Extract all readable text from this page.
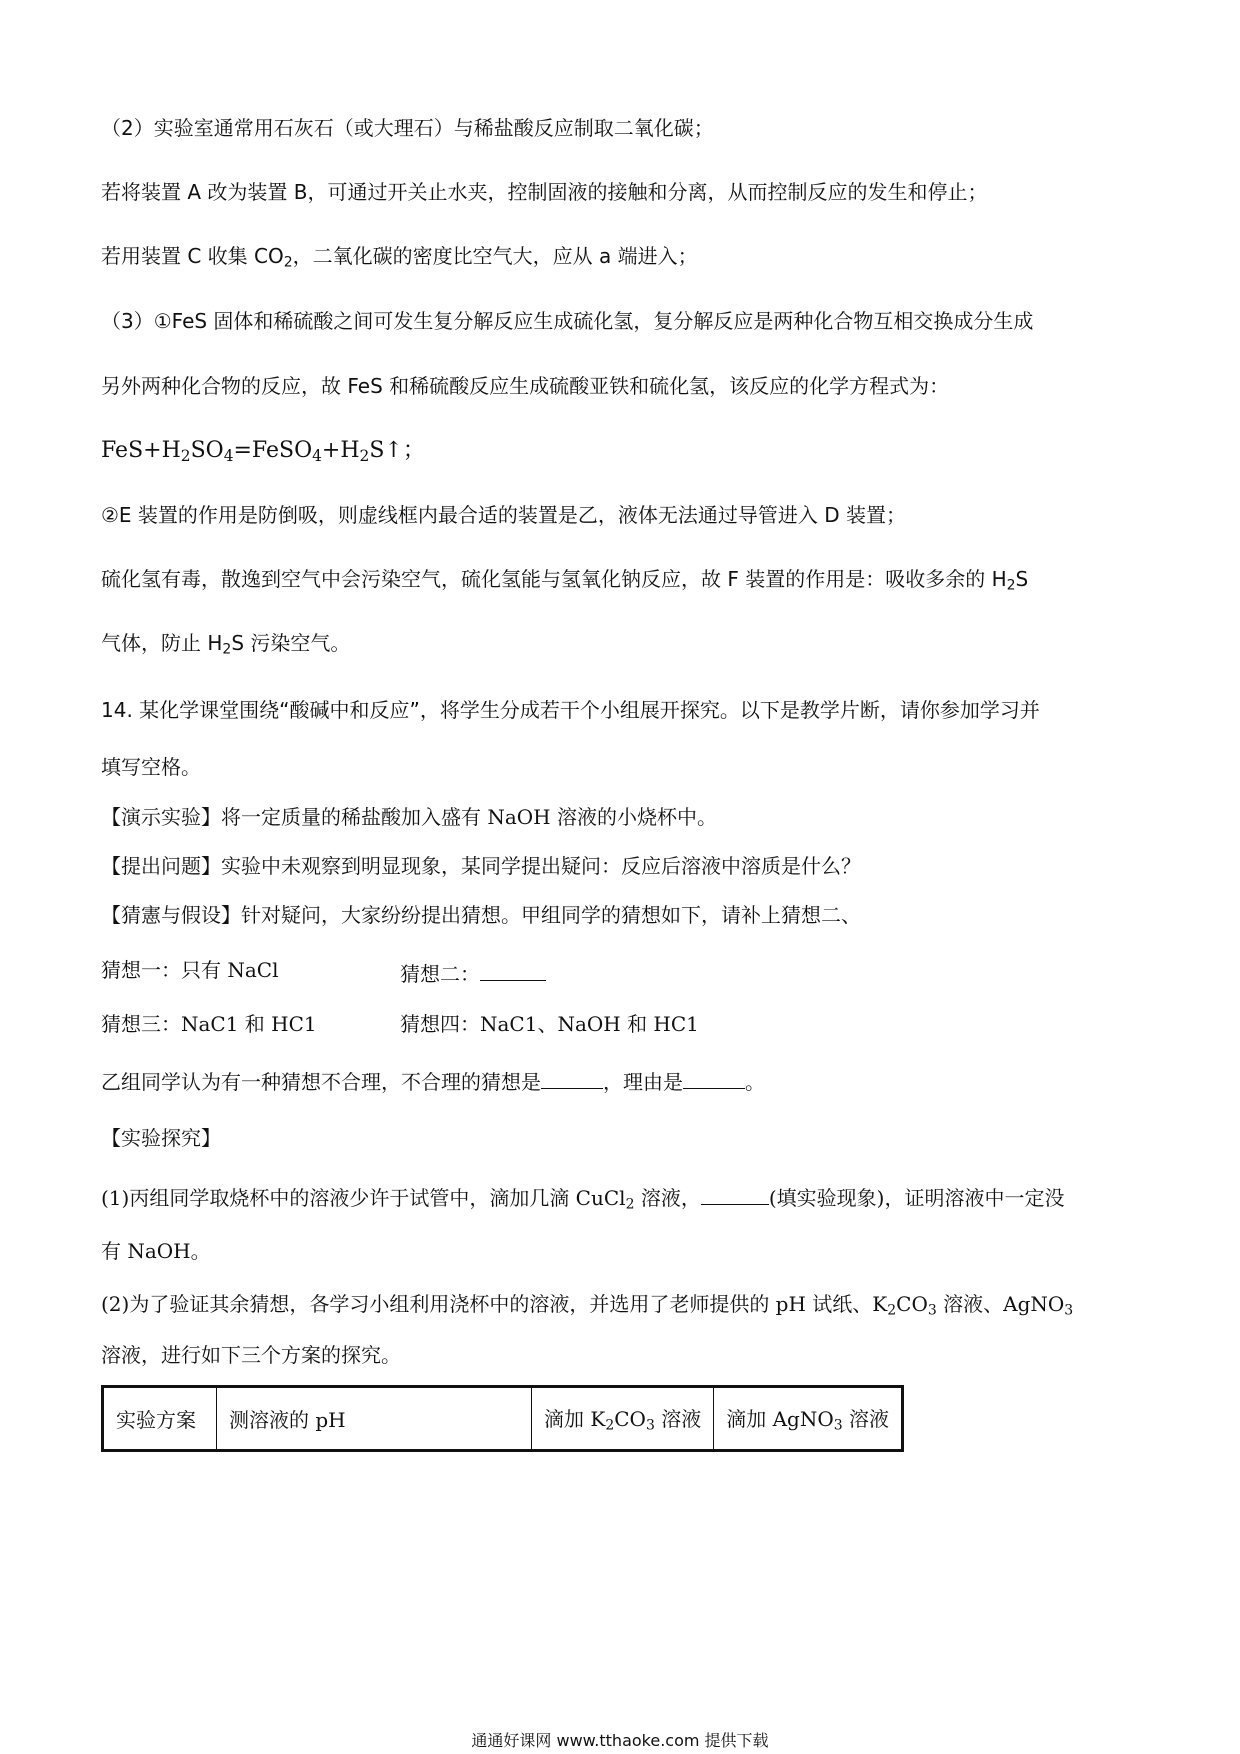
（2）实验室通常用石灰石（或大理石）与稀盐酸反应制取二氧化碳；
若将装置 A 改为装置 B，可通过开关止水夹，控制固液的接触和分离，从而控制反应的发生和停止；
若用装置 C 收集 $CO_2$，二氧化碳的密度比空气大，应从 a 端进入；
（3）①FeS 固体和稀硫酸之间可发生复分解反应生成硫化氢，复分解反应是两种化合物互相交换成分生成
另外两种化合物的反应，故 FeS 和稀硫酸反应生成硫酸亚铁和硫化氢，该反应的化学方程式为：
$FeS+H_2SO_4=FeSO_4+H_2S↑$；
②E 装置的作用是防倒吸，则虚线框内最合适的装置是乙，液体无法通过导管进入 D 装置；
硫化氢有毒，散逸到空气中会污染空气，硫化氢能与氢氧化钠反应，故 F 装置的作用是：吸收多余的 $H_2S$
气体，防止 $H_2S$ 污染空气。
14. 某化学课堂围绕“酸碱中和反应”，将学生分成若干个小组展开探究。以下是教学片断，请你参加学习并
填写空格。
【演示实验】将一定质量的稀盐酸加入盛有 NaOH 溶液的小烧杯中。
【提出问题】实验中未观察到明显现象，某同学提出疑问：反应后溶液中溶质是什么？
【猜憲与假设】针对疑问，大家纷纷提出猜想。甲组同学的猜想如下，请补上猜想二、
猜想一：只有 NaCl	猜想二：
猜想三：NaC1 和 HC1	猜想四：NaC1、NaOH 和 HC1
乙组同学认为有一种猜想不合理，不合理的猜想是	，理由是	。
【实验探究】
(1)丙组同学取烧杯中的溶液少许于试管中，滴加几滴 CuCl$_2$ 溶液，	(填实验现象)，证明溶液中一定没
有 NaOH。
(2)为了验证其余猜想，各学习小组利用浇杯中的溶液，并选用了老师提供的 pH 试纸、$K_2CO_3$ 溶液、AgNO$_3$
溶液，进行如下三个方案的探究。
实验方案	测溶液的 pH	滴加 $K_2CO_3$ 溶液	滴加 AgNO$_3$ 溶液
通通好课网 www.tthaoke.com 提供下载
